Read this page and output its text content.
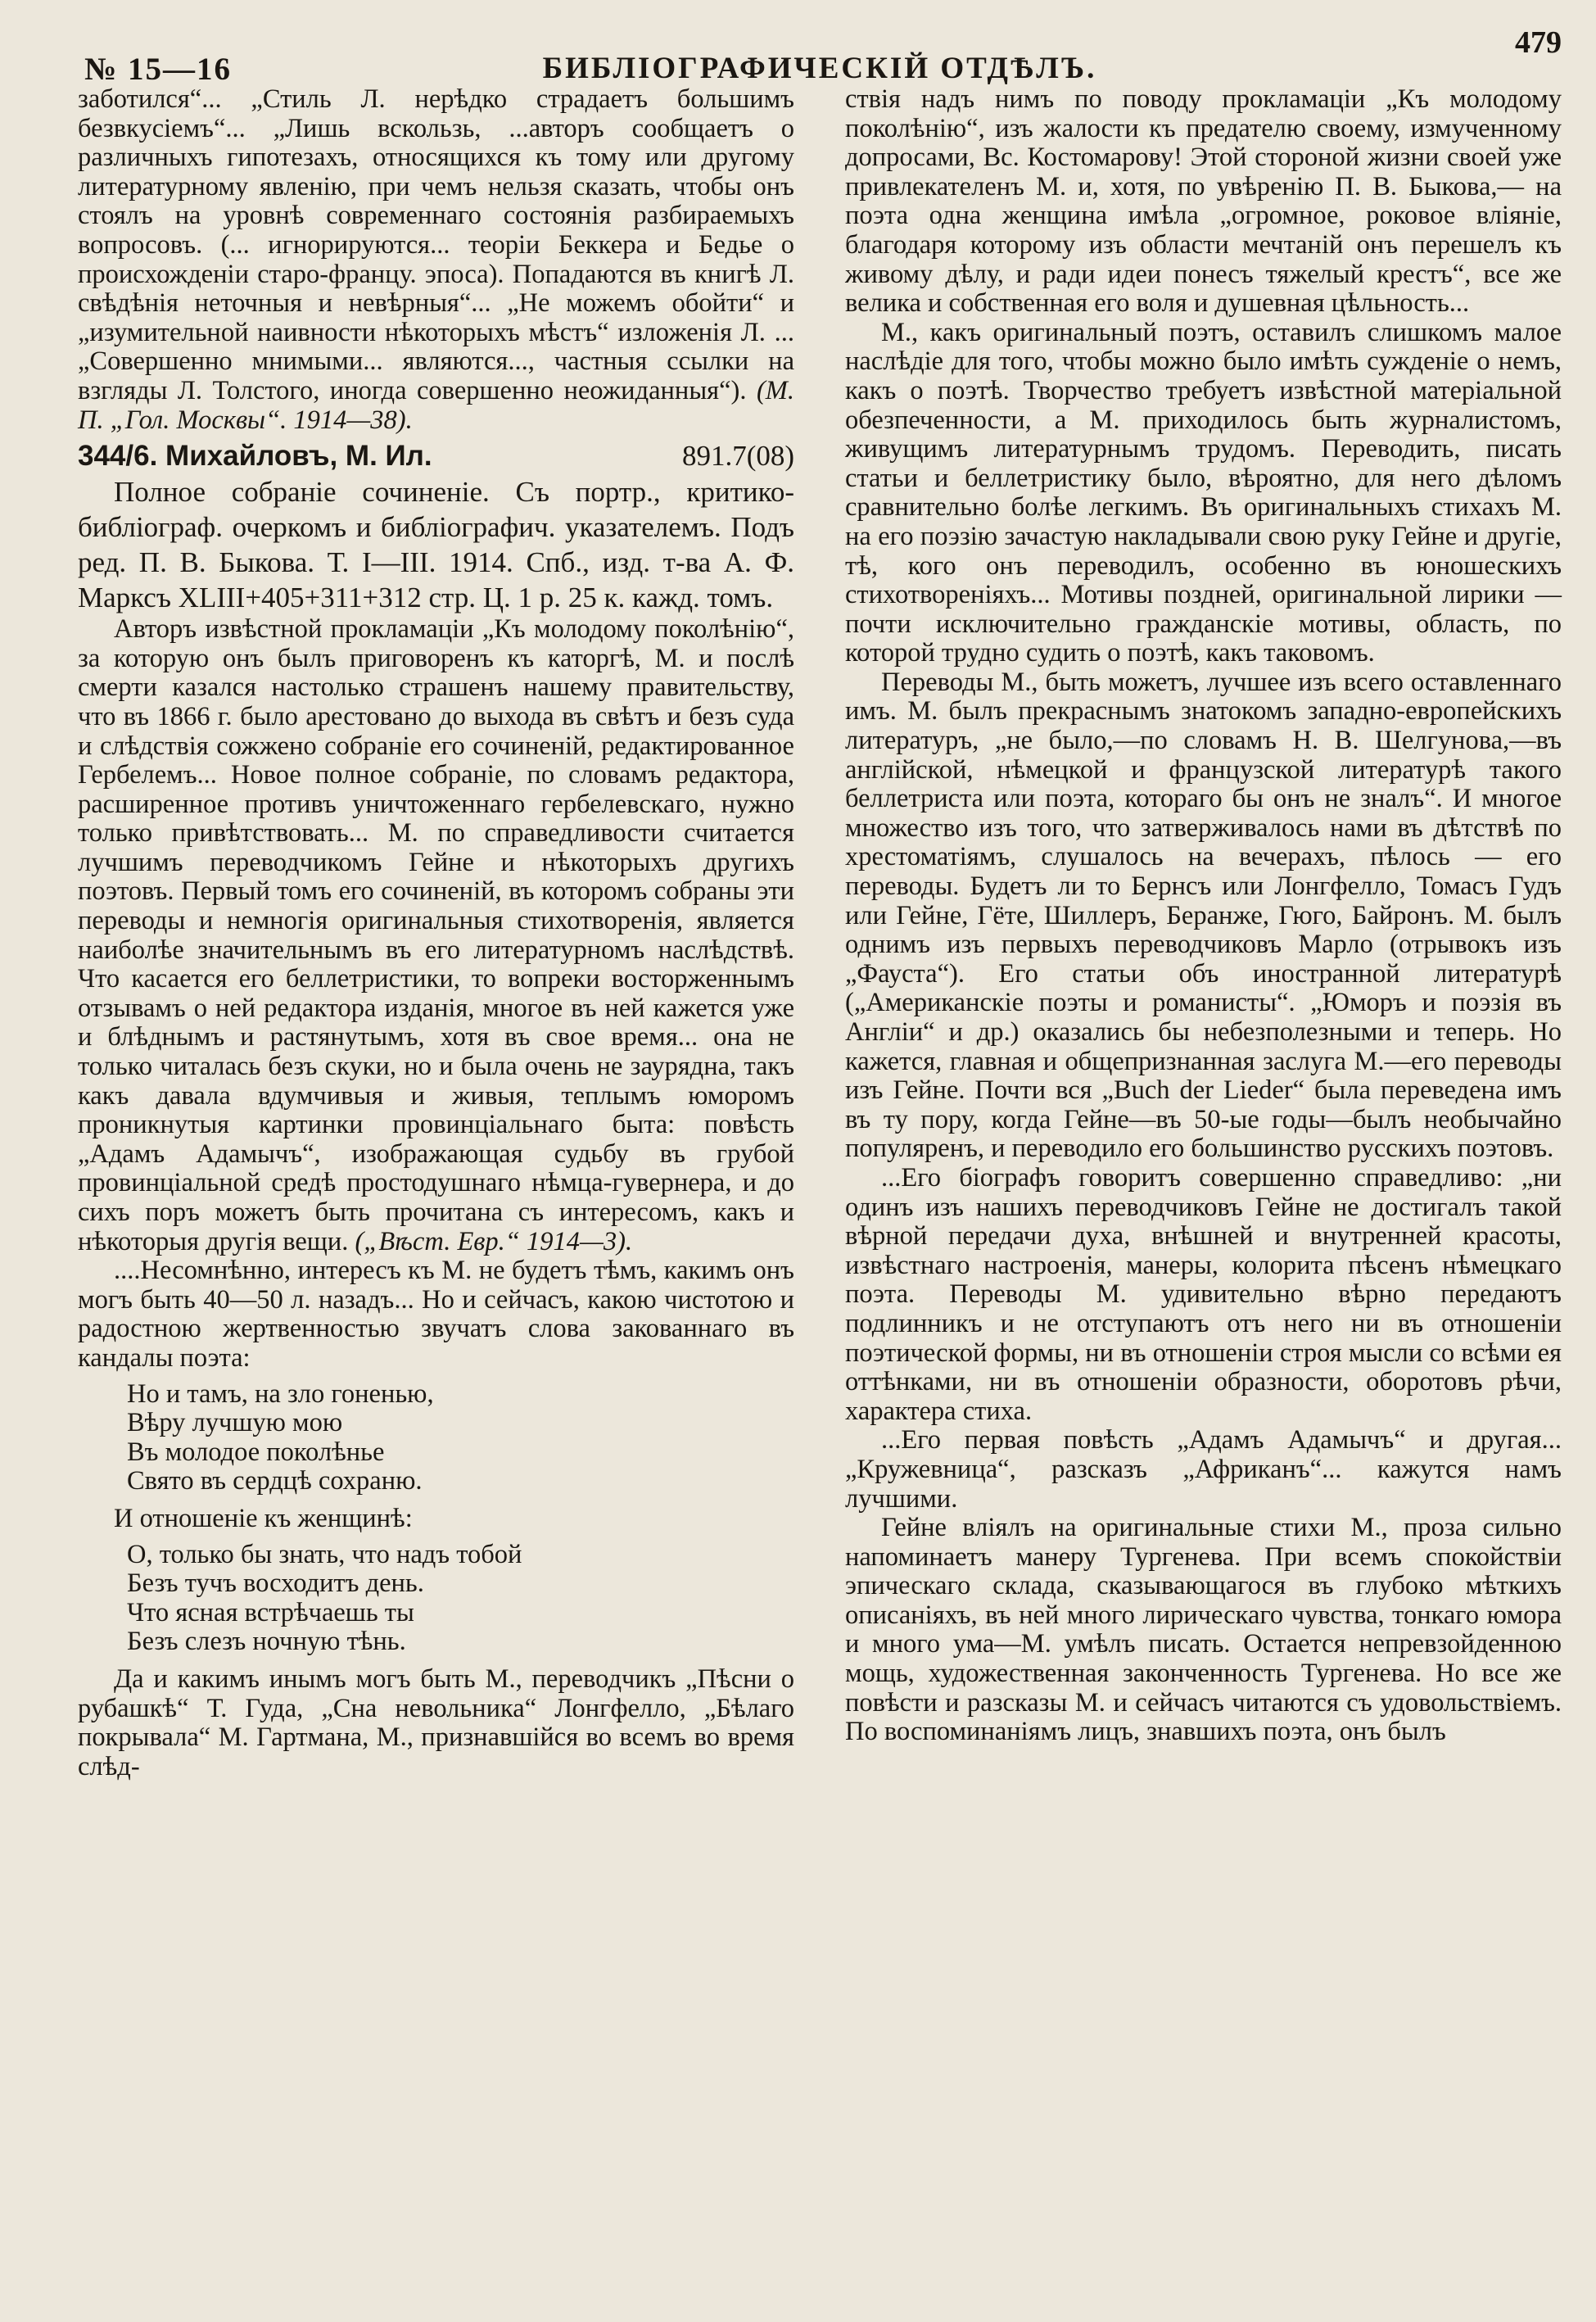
№ 15—16	БИБЛІОГРАФИЧЕСКІЙ ОТДѢЛЪ.
479

заботился“... „Стиль Л. нерѣдко страдаетъ большимъ безвкусіемъ“... „Лишь вскользь, ...авторъ сообщаетъ о различныхъ гипотезахъ, относящихся къ тому или другому литературному явленію, при чемъ нельзя сказать, чтобы онъ стоялъ на уровнѣ современнаго состоянія разбираемыхъ вопросовъ. (... игнорируются... теоріи Беккера и Бедье о происхожденіи старо-францу. эпоса). Попадаются въ книгѣ Л. свѣдѣнія неточныя и невѣрныя“... „Не можемъ обойти“ и „изумительной наивности нѣкоторыхъ мѣстъ“ изложенія Л. ...„Совершенно мнимыми... являются..., частныя ссылки на взгляды Л. Толстого, иногда совершенно неожиданныя“). (М. П. „Гол. Москвы“. 1914—38).

344/6. Михайловъ, М. Ил.	891.7(08)

Полное собраніе сочиненіе. Съ портр., критико-библіограф. очеркомъ и библіографич. указателемъ. Подъ ред. П. В. Быкова. Т. I—III. 1914. Спб., изд. т-ва А. Ф. Марксъ XLIII+405+311+312 стр. Ц. 1 р. 25 к. кажд. томъ.

Авторъ извѣстной прокламаціи „Къ молодому поколѣнію“, за которую онъ былъ приговоренъ къ каторгѣ, М. и послѣ смерти казался настолько страшенъ нашему правительству, что въ 1866 г. было арестовано до выхода въ свѣтъ и безъ суда и слѣдствія сожжено собраніе его сочиненій, редактированное Гербелемъ... Новое полное собраніе, по словамъ редактора, расширенное противъ уничтоженнаго гербелевскаго, нужно только привѣтствовать... М. по справедливости считается лучшимъ переводчикомъ Гейне и нѣкоторыхъ другихъ поэтовъ. Первый томъ его сочиненій, въ которомъ собраны эти переводы и немногія оригинальныя стихотворенія, является наиболѣе значительнымъ въ его литературномъ наслѣдствѣ. Что касается его беллетристики, то вопреки восторженнымъ отзывамъ о ней редактора изданія, многое въ ней кажется уже и блѣднымъ и растянутымъ, хотя въ свое время... она не только читалась безъ скуки, но и была очень не заурядна, такъ какъ давала вдумчивыя и живыя, теплымъ юморомъ проникнутыя картинки провинціальнаго быта: повѣсть „Адамъ Адамычъ“, изображающая судьбу въ грубой провинціальной средѣ простодушнаго нѣмца-гувернера, и до сихъ поръ можетъ быть прочитана съ интересомъ, какъ и нѣкоторыя другія вещи. („Вѣст. Евр.“ 1914—3).

....Несомнѣнно, интересъ къ М. не будетъ тѣмъ, какимъ онъ могъ быть 40—50 л. назадъ... Но и сейчасъ, какою чистотою и радостною жертвенностью звучатъ слова закованнаго въ кандалы поэта:

Но и тамъ, на зло гоненью,
Вѣру лучшую мою
Въ молодое поколѣнье
Свято въ сердцѣ сохраню.

И отношеніе къ женщинѣ:

О, только бы знать, что надъ тобой
Безъ тучъ восходитъ день.
Что ясная встрѣчаешь ты
Безъ слезъ ночную тѣнь.

Да и какимъ инымъ могъ быть М., переводчикъ „Пѣсни о рубашкѣ“ Т. Гуда, „Сна невольника“ Лонгфелло, „Бѣлаго покрывала“ М. Гартмана, М., признавшійся во всемъ во время слѣд-

ствія надъ нимъ по поводу прокламаціи „Къ молодому поколѣнію“, изъ жалости къ предателю своему, измученному допросами, Вс. Костомарову! Этой стороной жизни своей уже привлекателенъ М. и, хотя, по увѣренію П. В. Быкова,— на поэта одна женщина имѣла „огромное, роковое вліяніе, благодаря которому изъ области мечтаній онъ перешелъ къ живому дѣлу, и ради идеи понесъ тяжелый крестъ“, все же велика и собственная его воля и душевная цѣльность...

М., какъ оригинальный поэтъ, оставилъ слишкомъ малое наслѣдіе для того, чтобы можно было имѣть сужденіе о немъ, какъ о поэтѣ. Творчество требуетъ извѣстной матеріальной обезпеченности, а М. приходилось быть журналистомъ, живущимъ литературнымъ трудомъ. Переводить, писать статьи и беллетристику было, вѣроятно, для него дѣломъ сравнительно болѣе легкимъ. Въ оригинальныхъ стихахъ М. на его поэзію зачастую накладывали свою руку Гейне и другіе, тѣ, кого онъ переводилъ, особенно въ юношескихъ стихотвореніяхъ... Мотивы поздней, оригинальной лирики — почти исключительно гражданскіе мотивы, область, по которой трудно судить о поэтѣ, какъ таковомъ.

Переводы М., быть можетъ, лучшее изъ всего оставленнаго имъ. М. былъ прекраснымъ знатокомъ западно-европейскихъ литературъ, „не было,—по словамъ Н. В. Шелгунова,—въ англійской, нѣмецкой и французской литературѣ такого беллетриста или поэта, котораго бы онъ не зналъ“. И многое множество изъ того, что затверживалось нами въ дѣтствѣ по хрестоматіямъ, слушалось на вечерахъ, пѣлось — его переводы. Будетъ ли то Бернсъ или Лонгфелло, Томасъ Гудъ или Гейне, Гёте, Шиллеръ, Беранже, Гюго, Байронъ. М. былъ однимъ изъ первыхъ переводчиковъ Марло (отрывокъ изъ „Фауста“). Его статьи объ иностранной литературѣ („Американскіе поэты и романисты“. „Юморъ и поэзія въ Англіи“ и др.) оказались бы небезполезными и теперь. Но кажется, главная и общепризнанная заслуга М.—его переводы изъ Гейне. Почти вся „Buch der Lieder“ была переведена имъ въ ту пору, когда Гейне—въ 50-ые годы—былъ необычайно популяренъ, и переводило его большинство русскихъ поэтовъ.

...Его біографъ говоритъ совершенно справедливо: „ни одинъ изъ нашихъ переводчиковъ Гейне не достигалъ такой вѣрной передачи духа, внѣшней и внутренней красоты, извѣстнаго настроенія, манеры, колорита пѣсенъ нѣмецкаго поэта. Переводы М. удивительно вѣрно передаютъ подлинникъ и не отступаютъ отъ него ни въ отношеніи поэтической формы, ни въ отношеніи строя мысли со всѣми ея оттѣнками, ни въ отношеніи образности, оборотовъ рѣчи, характера стиха.

...Его первая повѣсть „Адамъ Адамычъ“ и другая... „Кружевница“, разсказъ „Африканъ“... кажутся намъ лучшими.

Гейне вліялъ на оригинальные стихи М., проза сильно напоминаетъ манеру Тургенева. При всемъ спокойствіи эпическаго склада, сказывающагося въ глубоко мѣткихъ описаніяхъ, въ ней много лирическаго чувства, тонкаго юмора и много ума—М. умѣлъ писать. Остается непревзойденною мощь, художественная законченность Тургенева. Но все же повѣсти и разсказы М. и сейчасъ читаются съ удовольствіемъ. По воспоминаніямъ лицъ, знавшихъ поэта, онъ былъ
